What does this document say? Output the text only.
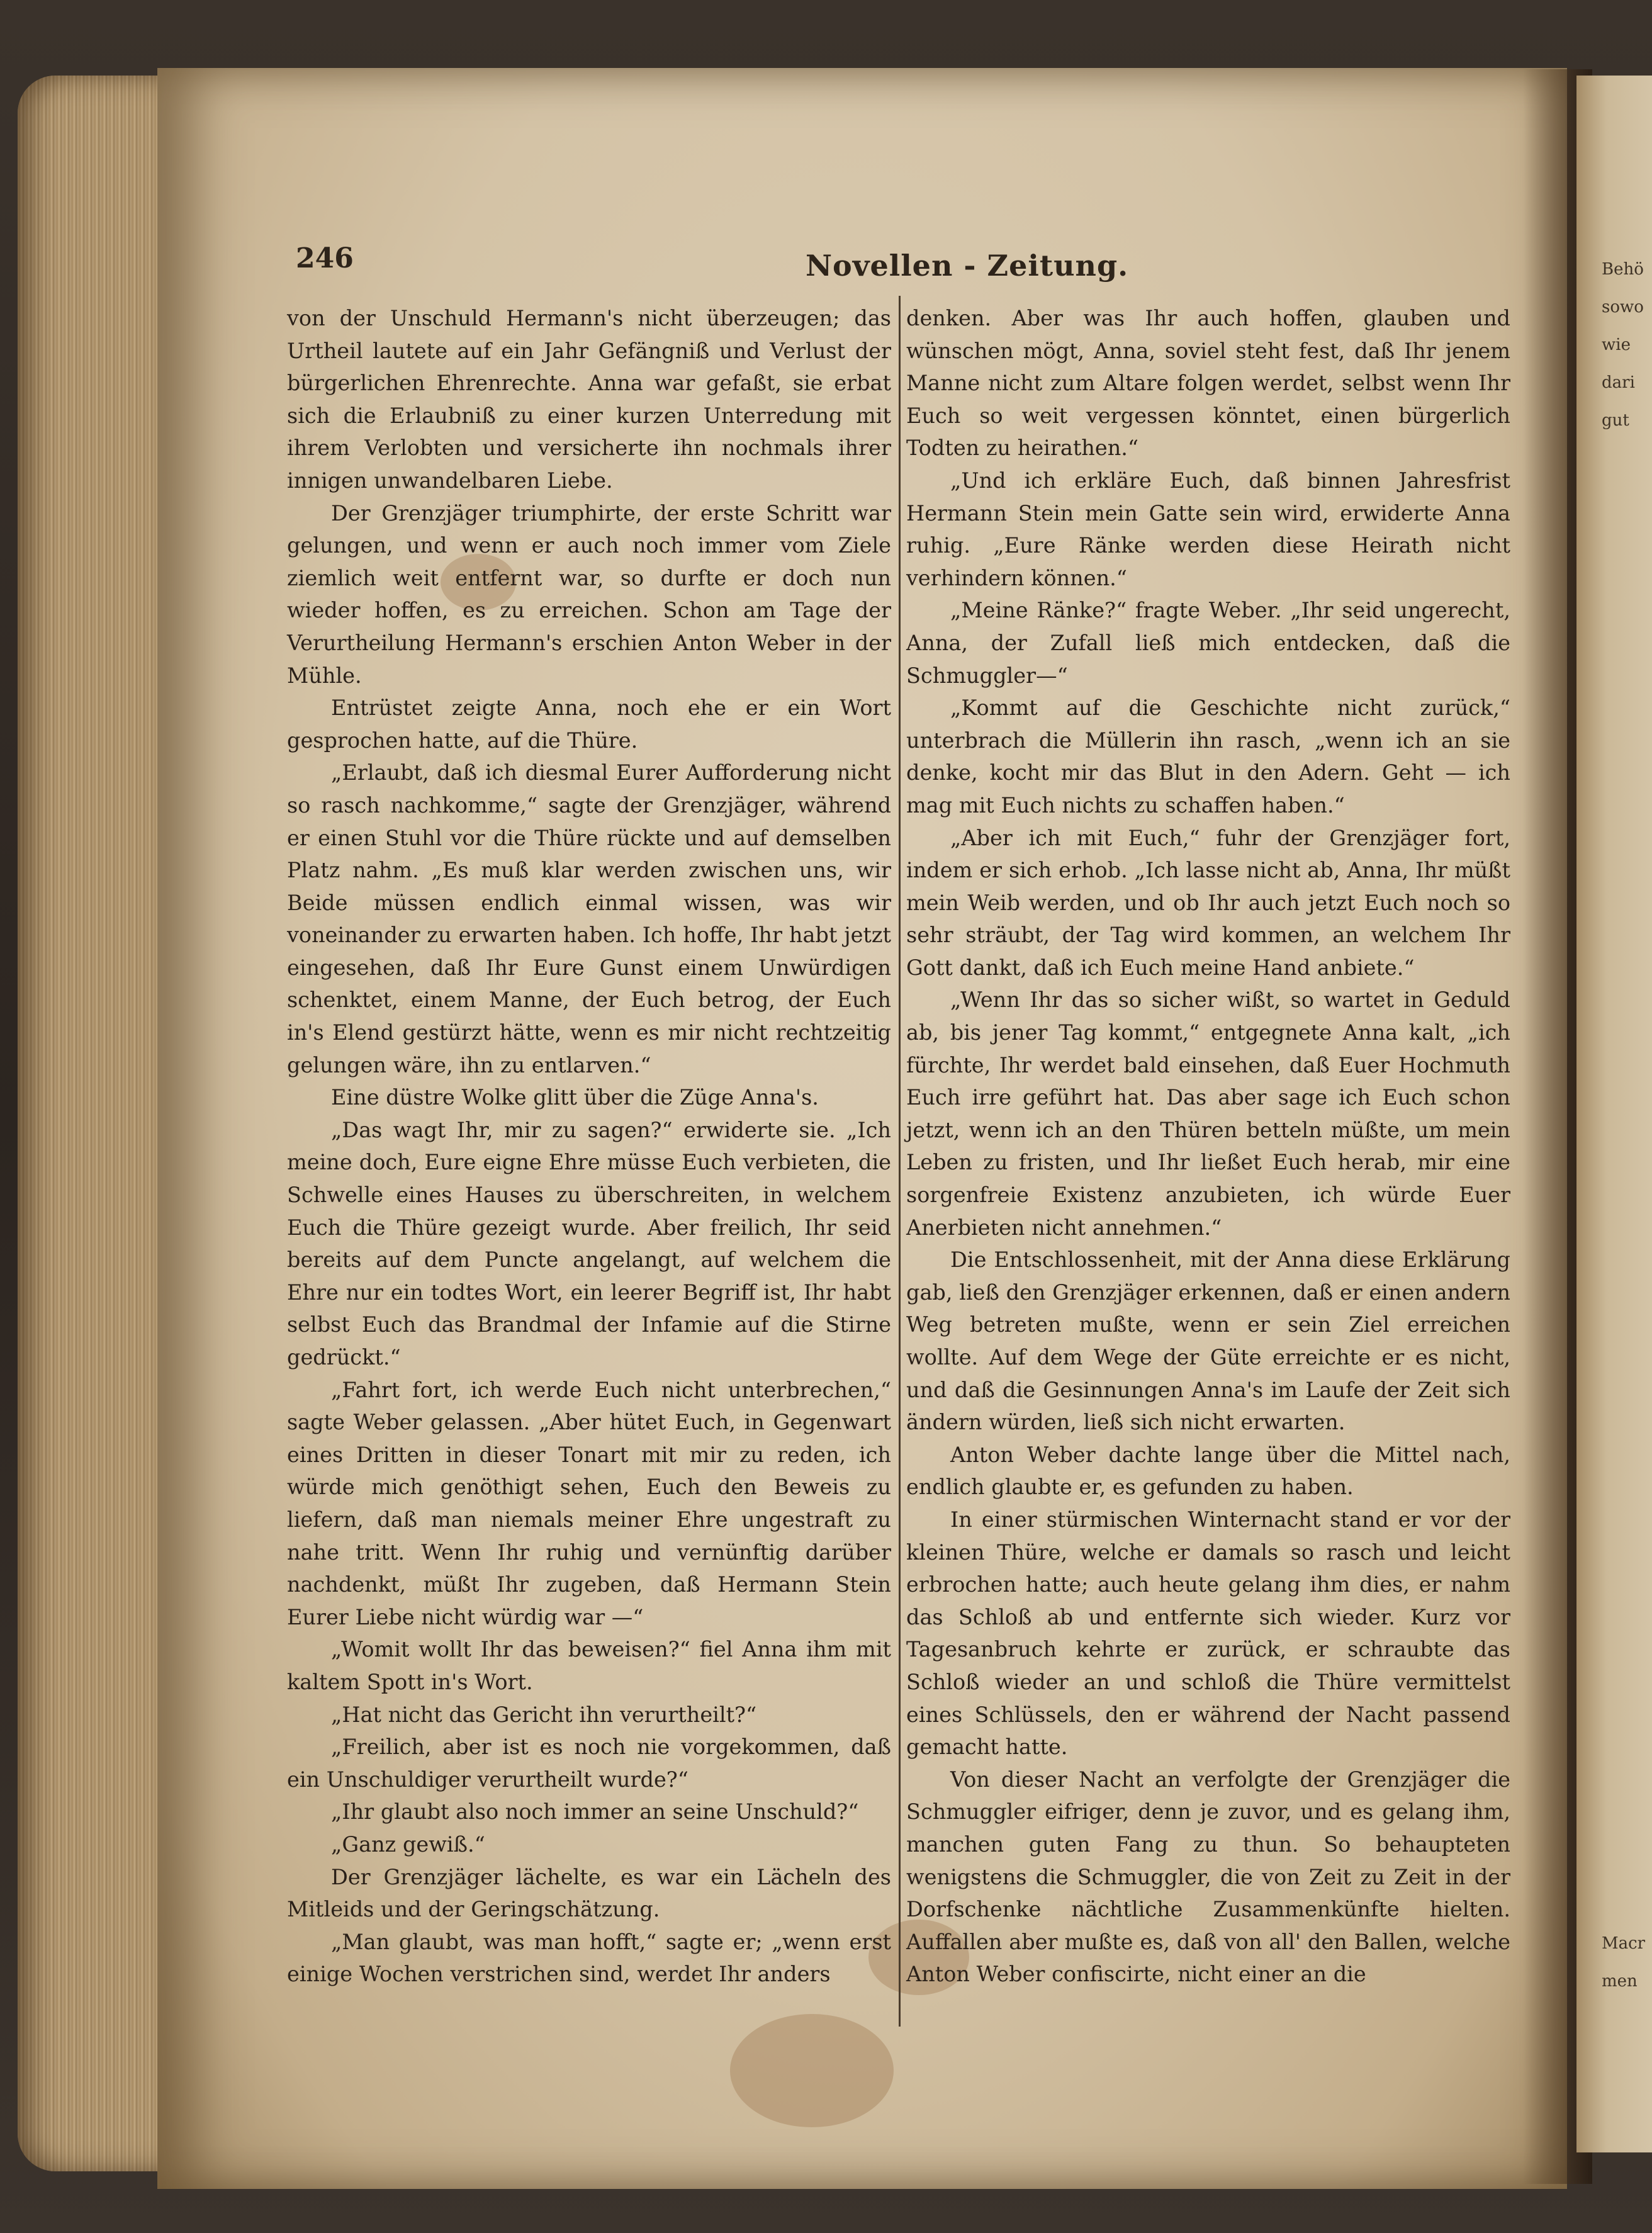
Behö
sowo
wie
dari
gut
Macr
men
246	Novellen - Zeitung.

von der Unschuld Hermann's nicht überzeugen; das Urtheil lautete auf ein Jahr Gefängniß und Verlust der bürgerlichen Ehrenrechte. Anna war gefaßt, sie erbat sich die Erlaubniß zu einer kurzen Unterredung mit ihrem Verlobten und versicherte ihn nochmals ihrer innigen unwandelbaren Liebe.

Der Grenzjäger triumphirte, der erste Schritt war gelungen, und wenn er auch noch immer vom Ziele ziemlich weit entfernt war, so durfte er doch nun wieder hoffen, es zu erreichen. Schon am Tage der Verurtheilung Hermann's erschien Anton Weber in der Mühle.

Entrüstet zeigte Anna, noch ehe er ein Wort gesprochen hatte, auf die Thüre.

„Erlaubt, daß ich diesmal Eurer Aufforderung nicht so rasch nachkomme,“ sagte der Grenzjäger, während er einen Stuhl vor die Thüre rückte und auf demselben Platz nahm. „Es muß klar werden zwischen uns, wir Beide müssen endlich einmal wissen, was wir voneinander zu erwarten haben. Ich hoffe, Ihr habt jetzt eingesehen, daß Ihr Eure Gunst einem Unwürdigen schenktet, einem Manne, der Euch betrog, der Euch in's Elend gestürzt hätte, wenn es mir nicht rechtzeitig gelungen wäre, ihn zu entlarven.“

Eine düstre Wolke glitt über die Züge Anna's.

„Das wagt Ihr, mir zu sagen?“ erwiderte sie. „Ich meine doch, Eure eigne Ehre müsse Euch verbieten, die Schwelle eines Hauses zu überschreiten, in welchem Euch die Thüre gezeigt wurde. Aber freilich, Ihr seid bereits auf dem Puncte angelangt, auf welchem die Ehre nur ein todtes Wort, ein leerer Begriff ist, Ihr habt selbst Euch das Brandmal der Infamie auf die Stirne gedrückt.“

„Fahrt fort, ich werde Euch nicht unterbrechen,“ sagte Weber gelassen. „Aber hütet Euch, in Gegenwart eines Dritten in dieser Tonart mit mir zu reden, ich würde mich genöthigt sehen, Euch den Beweis zu liefern, daß man niemals meiner Ehre ungestraft zu nahe tritt. Wenn Ihr ruhig und vernünftig darüber nachdenkt, müßt Ihr zugeben, daß Hermann Stein Eurer Liebe nicht würdig war —“

„Womit wollt Ihr das beweisen?“ fiel Anna ihm mit kaltem Spott in's Wort.

„Hat nicht das Gericht ihn verurtheilt?“

„Freilich, aber ist es noch nie vorgekommen, daß ein Unschuldiger verurtheilt wurde?“

„Ihr glaubt also noch immer an seine Unschuld?“

„Ganz gewiß.“

Der Grenzjäger lächelte, es war ein Lächeln des Mitleids und der Geringschätzung.

„Man glaubt, was man hofft,“ sagte er; „wenn erst einige Wochen verstrichen sind, werdet Ihr anders

denken. Aber was Ihr auch hoffen, glauben und wünschen mögt, Anna, soviel steht fest, daß Ihr jenem Manne nicht zum Altare folgen werdet, selbst wenn Ihr Euch so weit vergessen könntet, einen bürgerlich Todten zu heirathen.“

„Und ich erkläre Euch, daß binnen Jahresfrist Hermann Stein mein Gatte sein wird, erwiderte Anna ruhig. „Eure Ränke werden diese Heirath nicht verhindern können.“

„Meine Ränke?“ fragte Weber. „Ihr seid ungerecht, Anna, der Zufall ließ mich entdecken, daß die Schmuggler—“

„Kommt auf die Geschichte nicht zurück,“ unterbrach die Müllerin ihn rasch, „wenn ich an sie denke, kocht mir das Blut in den Adern. Geht — ich mag mit Euch nichts zu schaffen haben.“

„Aber ich mit Euch,“ fuhr der Grenzjäger fort, indem er sich erhob. „Ich lasse nicht ab, Anna, Ihr müßt mein Weib werden, und ob Ihr auch jetzt Euch noch so sehr sträubt, der Tag wird kommen, an welchem Ihr Gott dankt, daß ich Euch meine Hand anbiete.“

„Wenn Ihr das so sicher wißt, so wartet in Geduld ab, bis jener Tag kommt,“ entgegnete Anna kalt, „ich fürchte, Ihr werdet bald einsehen, daß Euer Hochmuth Euch irre geführt hat. Das aber sage ich Euch schon jetzt, wenn ich an den Thüren betteln müßte, um mein Leben zu fristen, und Ihr ließet Euch herab, mir eine sorgenfreie Existenz anzubieten, ich würde Euer Anerbieten nicht annehmen.“

Die Entschlossenheit, mit der Anna diese Erklärung gab, ließ den Grenzjäger erkennen, daß er einen andern Weg betreten mußte, wenn er sein Ziel erreichen wollte. Auf dem Wege der Güte erreichte er es nicht, und daß die Gesinnungen Anna's im Laufe der Zeit sich ändern würden, ließ sich nicht erwarten.

Anton Weber dachte lange über die Mittel nach, endlich glaubte er, es gefunden zu haben.

In einer stürmischen Winternacht stand er vor der kleinen Thüre, welche er damals so rasch und leicht erbrochen hatte; auch heute gelang ihm dies, er nahm das Schloß ab und entfernte sich wieder. Kurz vor Tagesanbruch kehrte er zurück, er schraubte das Schloß wieder an und schloß die Thüre vermittelst eines Schlüssels, den er während der Nacht passend gemacht hatte.

Von dieser Nacht an verfolgte der Grenzjäger die Schmuggler eifriger, denn je zuvor, und es gelang ihm, manchen guten Fang zu thun. So behaupteten wenigstens die Schmuggler, die von Zeit zu Zeit in der Dorfschenke nächtliche Zusammenkünfte hielten. Auffallen aber mußte es, daß von all' den Ballen, welche Anton Weber confiscirte, nicht einer an die
